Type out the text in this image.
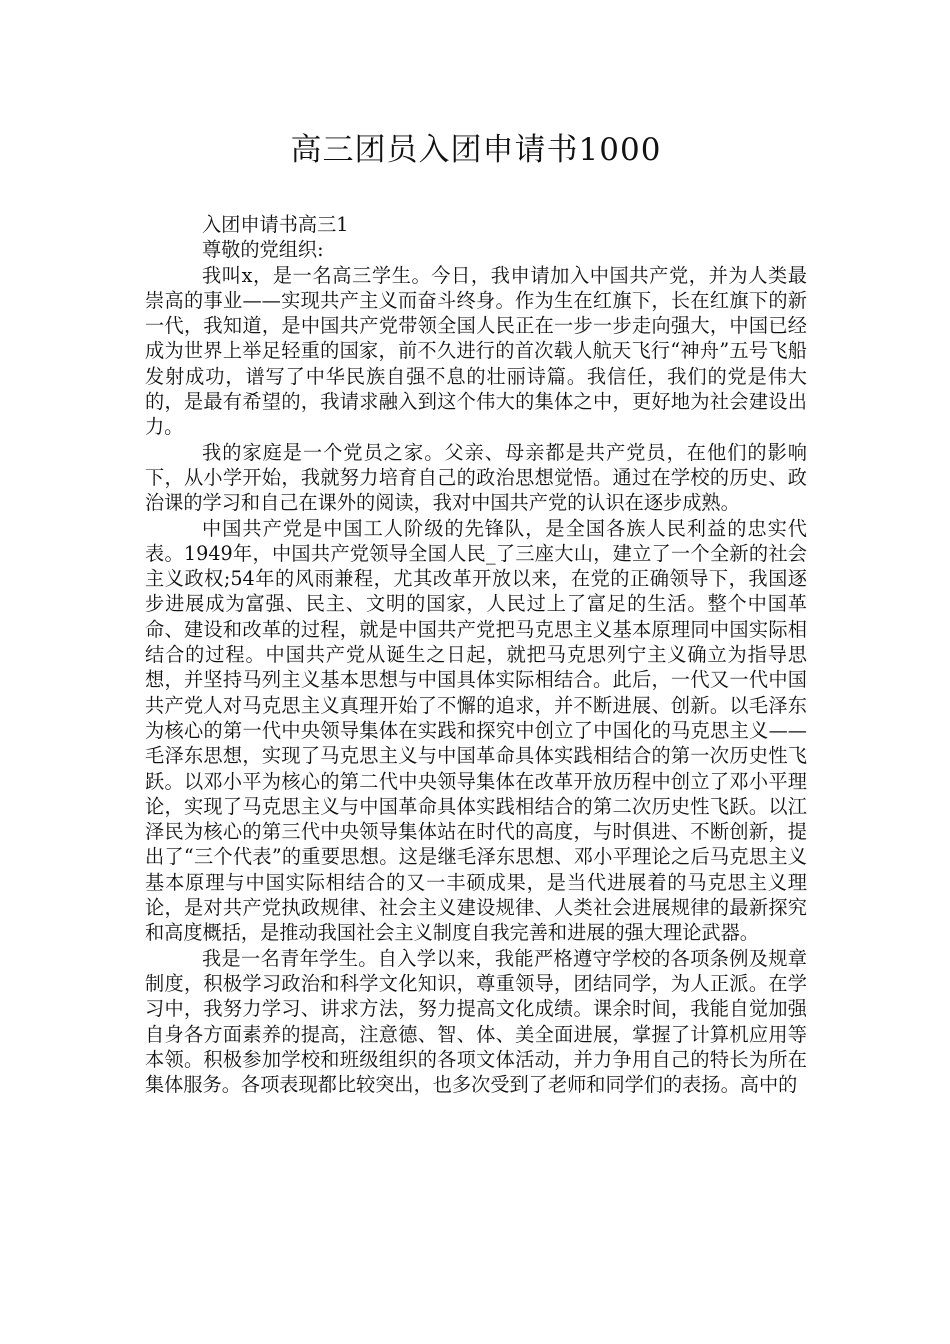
高三团员入团申请书1000

入团申请书高三1

尊敬的党组织:

我叫x，是一名高三学生。今日，我申请加入中国共产党，并为人类最崇高的事业——实现共产主义而奋斗终身。作为生在红旗下，长在红旗下的新一代，我知道，是中国共产党带领全国人民正在一步一步走向强大，中国已经成为世界上举足轻重的国家，前不久进行的首次载人航天飞行“神舟”五号飞船发射成功，谱写了中华民族自强不息的壮丽诗篇。我信任，我们的党是伟大的，是最有希望的，我请求融入到这个伟大的集体之中，更好地为社会建设出力。

我的家庭是一个党员之家。父亲、母亲都是共产党员，在他们的影响下，从小学开始，我就努力培育自己的政治思想觉悟。通过在学校的历史、政治课的学习和自己在课外的阅读，我对中国共产党的认识在逐步成熟。

中国共产党是中国工人阶级的先锋队，是全国各族人民利益的忠实代表。1949年，中国共产党领导全国人民_了三座大山，建立了一个全新的社会主义政权;54年的风雨兼程，尤其改革开放以来，在党的正确领导下，我国逐步进展成为富强、民主、文明的国家，人民过上了富足的生活。整个中国革命、建设和改革的过程，就是中国共产党把马克思主义基本原理同中国实际相结合的过程。中国共产党从诞生之日起，就把马克思列宁主义确立为指导思想，并坚持马列主义基本思想与中国具体实际相结合。此后，一代又一代中国共产党人对马克思主义真理开始了不懈的追求，并不断进展、创新。以毛泽东为核心的第一代中央领导集体在实践和探究中创立了中国化的马克思主义——毛泽东思想，实现了马克思主义与中国革命具体实践相结合的第一次历史性飞跃。以邓小平为核心的第二代中央领导集体在改革开放历程中创立了邓小平理论，实现了马克思主义与中国革命具体实践相结合的第二次历史性飞跃。以江泽民为核心的第三代中央领导集体站在时代的高度，与时俱进、不断创新，提出了“三个代表”的重要思想。这是继毛泽东思想、邓小平理论之后马克思主义基本原理与中国实际相结合的又一丰硕成果，是当代进展着的马克思主义理论，是对共产党执政规律、社会主义建设规律、人类社会进展规律的最新探究和高度概括，是推动我国社会主义制度自我完善和进展的强大理论武器。

我是一名青年学生。自入学以来，我能严格遵守学校的各项条例及规章制度，积极学习政治和科学文化知识，尊重领导，团结同学，为人正派。在学习中，我努力学习、讲求方法，努力提高文化成绩。课余时间，我能自觉加强自身各方面素养的提高，注意德、智、体、美全面进展，掌握了计算机应用等本领。积极参加学校和班级组织的各项文体活动，并力争用自己的特长为所在集体服务。各项表现都比较突出，也多次受到了老师和同学们的表扬。高中的
